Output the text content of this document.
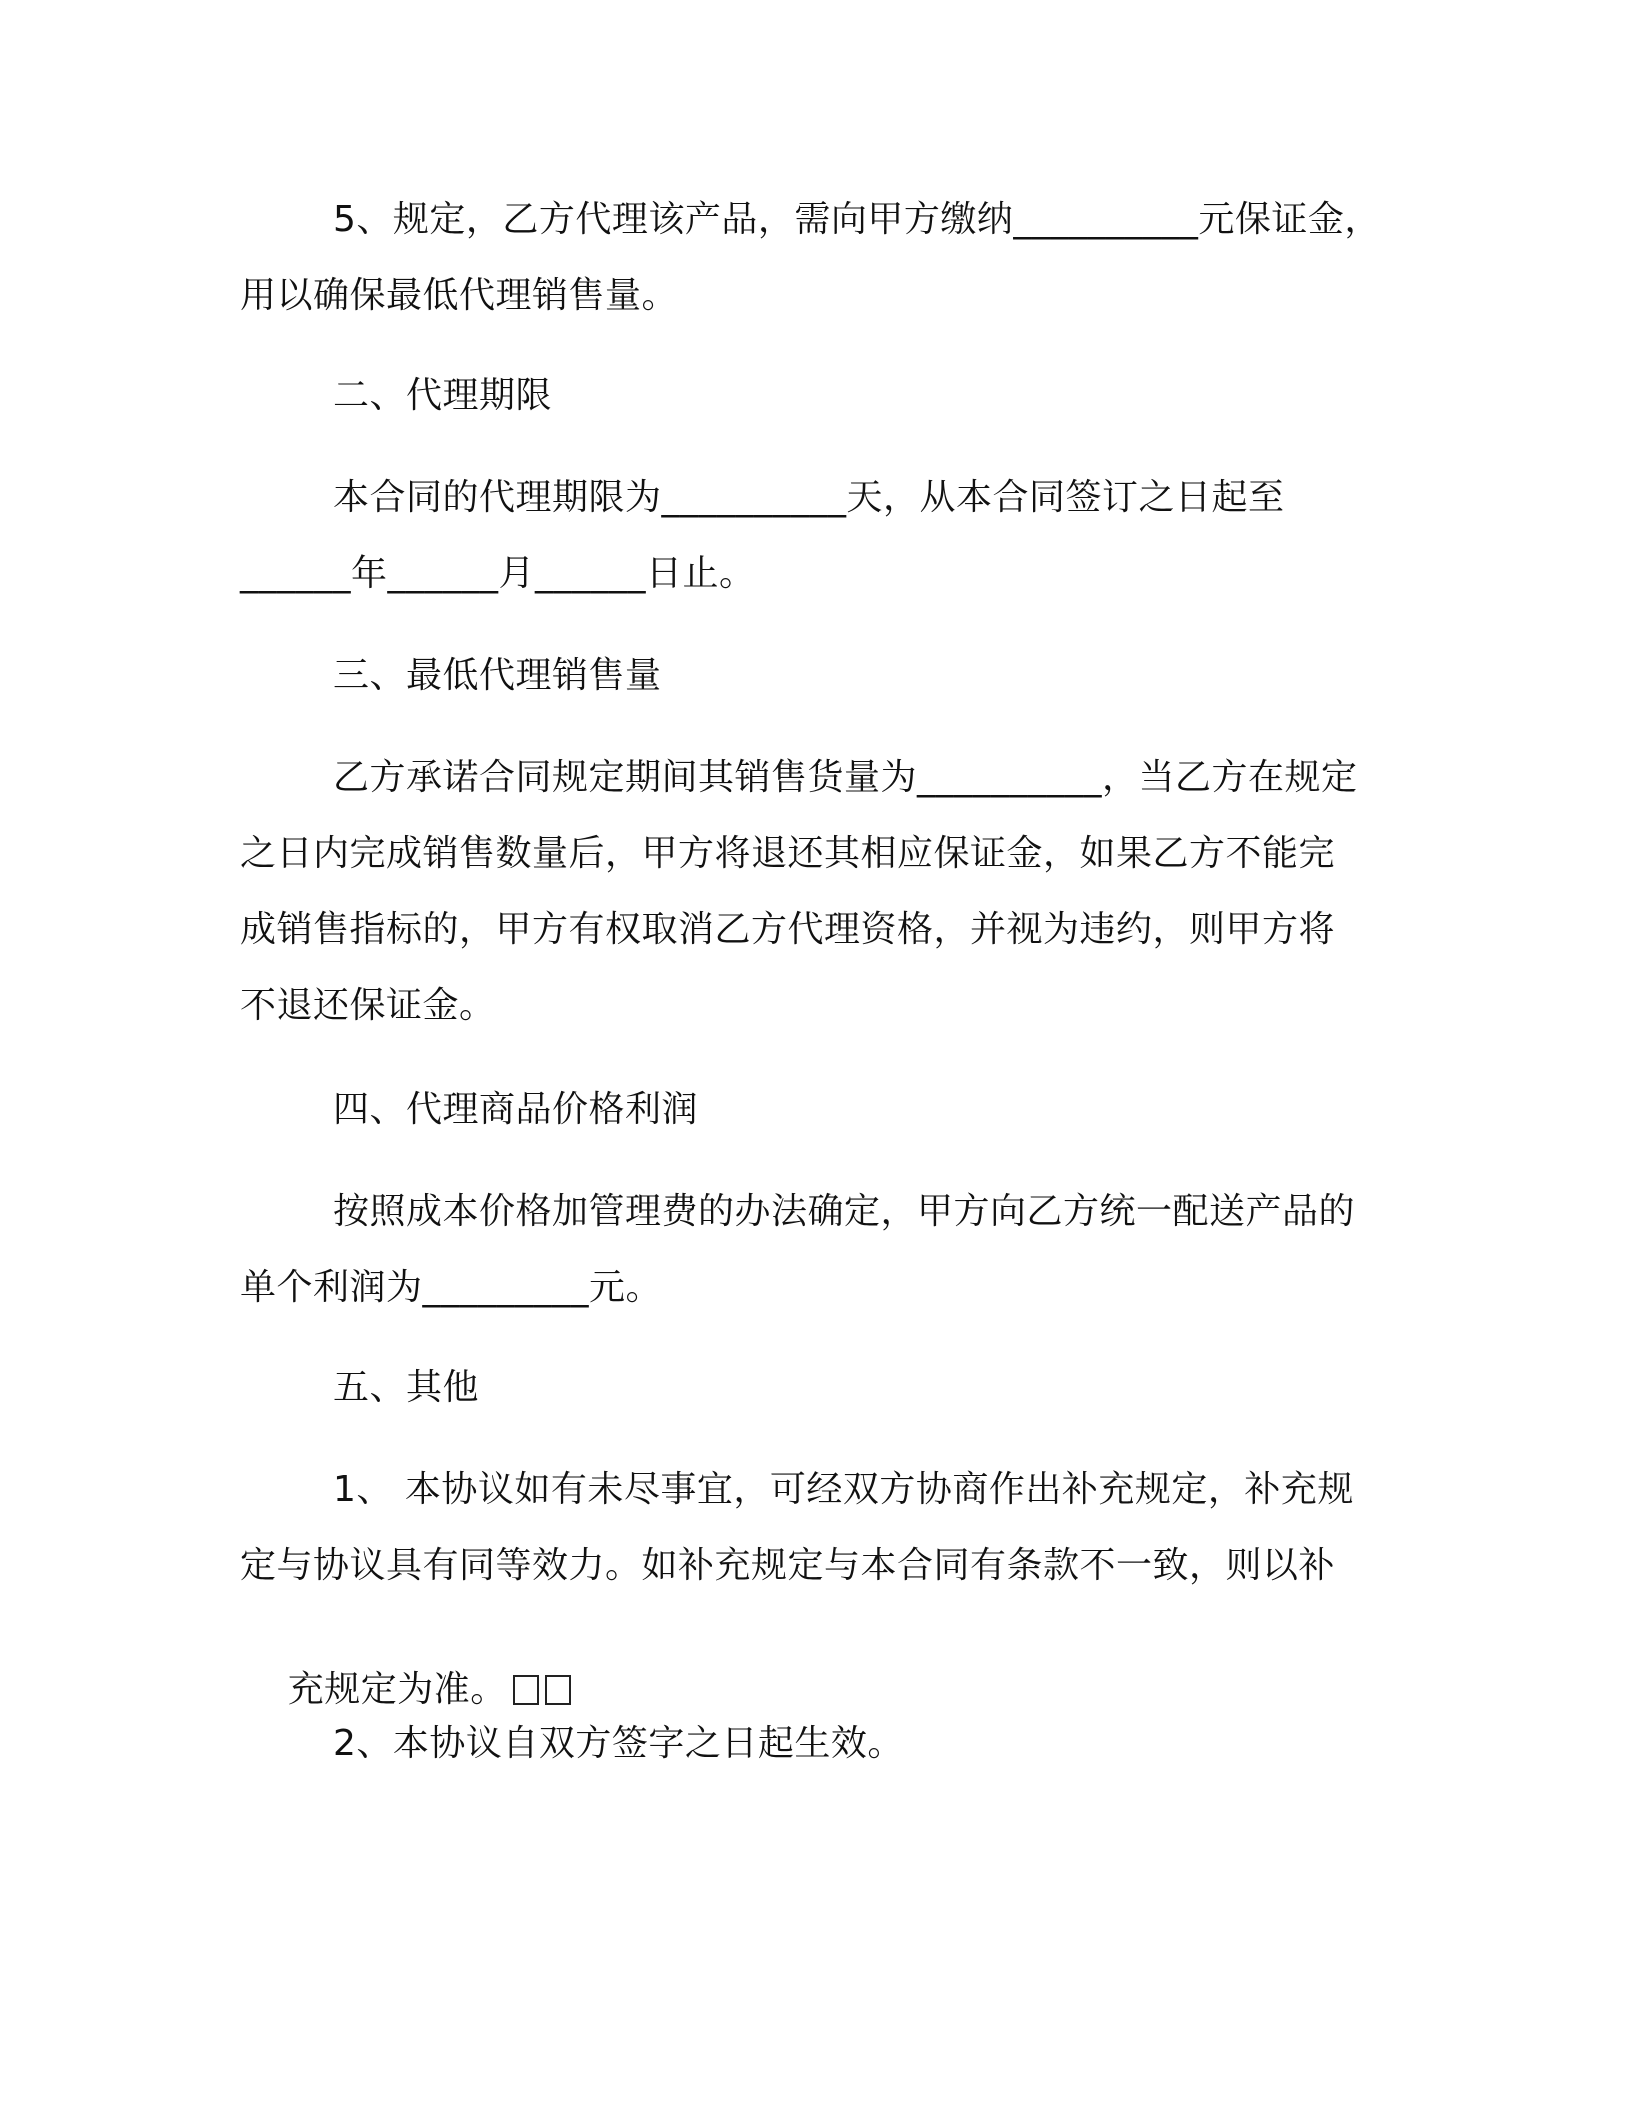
5、规定，乙方代理该产品，需向甲方缴纳__________元保证金，
用以确保最低代理销售量。
二、代理期限
本合同的代理期限为__________天，从本合同签订之日起至
______年______月______日止。
三、最低代理销售量
乙方承诺合同规定期间其销售货量为__________，当乙方在规定
之日内完成销售数量后，甲方将退还其相应保证金，如果乙方不能完
成销售指标的，甲方有权取消乙方代理资格，并视为违约，则甲方将
不退还保证金。
四、代理商品价格利润
按照成本价格加管理费的办法确定，甲方向乙方统一配送产品的
单个利润为_________元。
五、其他
1、 本协议如有未尽事宜，可经双方协商作出补充规定，补充规
定与协议具有同等效力。如补充规定与本合同有条款不一致，则以补

充规定为准。

2、本协议自双方签字之日起生效。
